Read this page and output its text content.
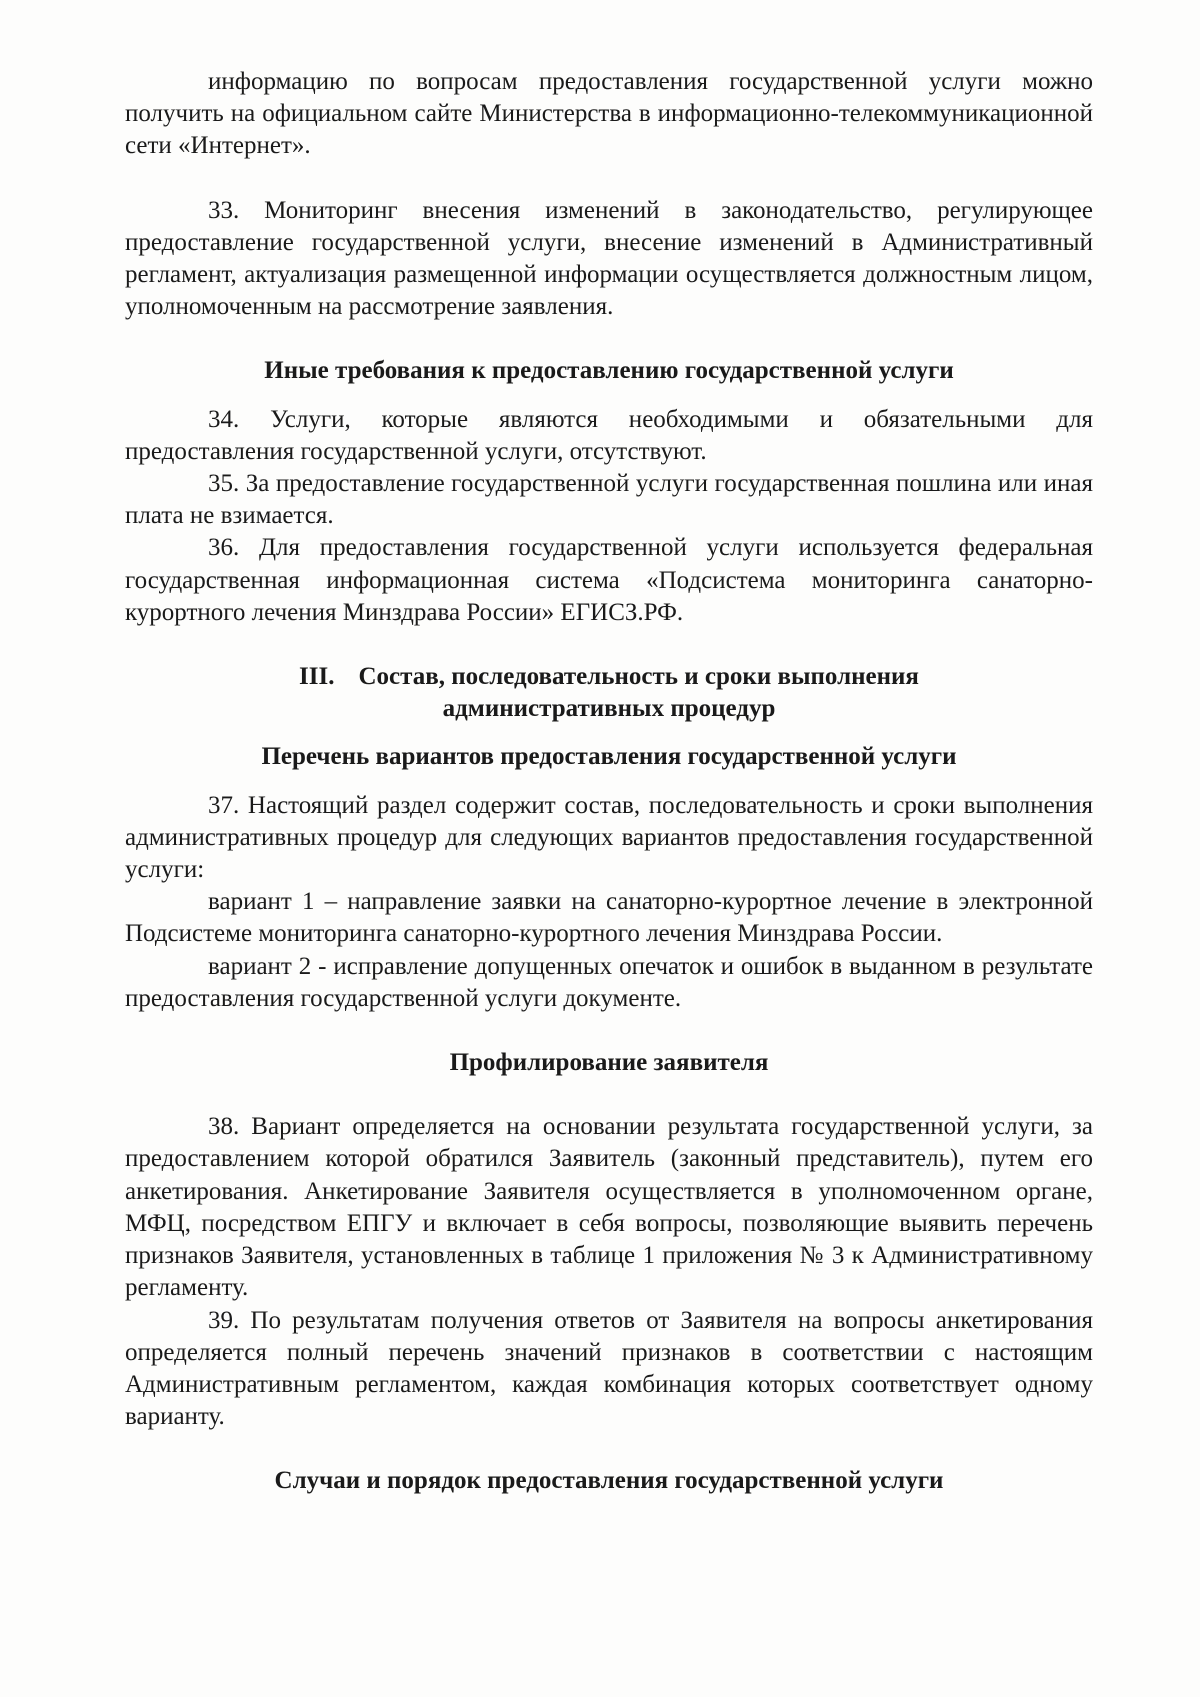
информацию по вопросам предоставления государственной услуги можно получить на официальном сайте Министерства в информационно-телекоммуникационной сети «Интернет».

33. Мониторинг внесения изменений в законодательство, регулирующее предоставление государственной услуги, внесение изменений в Административный регламент, актуализация размещенной информации осуществляется должностным лицом, уполномоченным на рассмотрение заявления.

Иные требования к предоставлению государственной услуги

34. Услуги, которые являются необходимыми и обязательными для предоставления государственной услуги, отсутствуют.

35. За предоставление государственной услуги государственная пошлина или иная плата не взимается.

36. Для предоставления государственной услуги используется федеральная государственная информационная система «Подсистема мониторинга санаторно-курортного лечения Минздрава России» ЕГИСЗ.РФ.

III. Состав, последовательность и сроки выполнения
административных процедур
Перечень вариантов предоставления государственной услуги

37. Настоящий раздел содержит состав, последовательность и сроки выполнения административных процедур для следующих вариантов предоставления государственной услуги:

вариант 1 – направление заявки на санаторно-курортное лечение в электронной Подсистеме мониторинга санаторно-курортного лечения Минздрава России.

вариант 2 - исправление допущенных опечаток и ошибок в выданном в результате предоставления государственной услуги документе.

Профилирование заявителя

38. Вариант определяется на основании результата государственной услуги, за предоставлением которой обратился Заявитель (законный представитель), путем его анкетирования. Анкетирование Заявителя осуществляется в уполномоченном органе, МФЦ, посредством ЕПГУ и включает в себя вопросы, позволяющие выявить перечень признаков Заявителя, установленных в таблице 1 приложения № 3 к Административному регламенту.

39. По результатам получения ответов от Заявителя на вопросы анкетирования определяется полный перечень значений признаков в соответствии с настоящим Административным регламентом, каждая комбинация которых соответствует одному варианту.

Случаи и порядок предоставления государственной услуги
